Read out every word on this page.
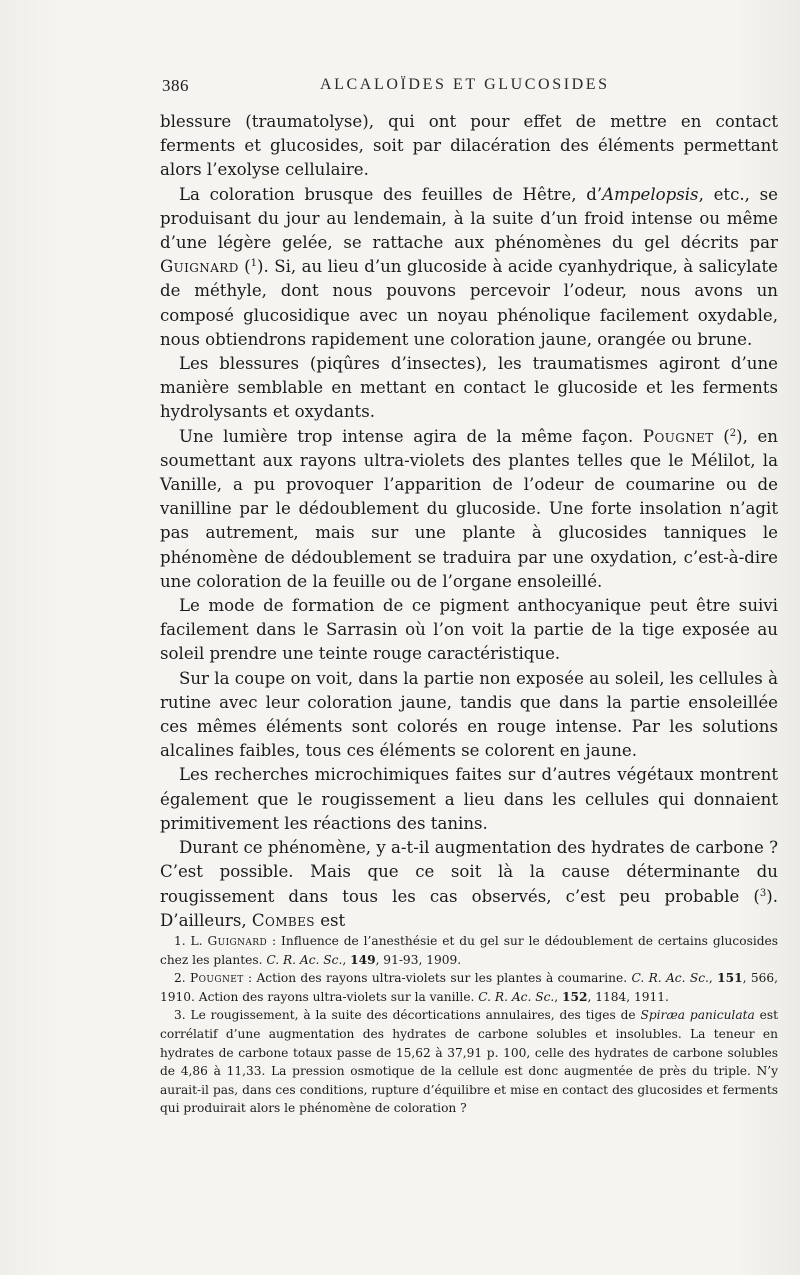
386	ALCALOÏDES ET GLUCOSIDES

blessure (traumatolyse), qui ont pour effet de mettre en contact ferments et glucosides, soit par dilacération des éléments permettant alors l’exolyse cellulaire.

La coloration brusque des feuilles de Hêtre, d’Ampelopsis, etc., se produisant du jour au lendemain, à la suite d’un froid intense ou même d’une légère gelée, se rattache aux phénomènes du gel décrits par Guignard ($^1$). Si, au lieu d’un glucoside à acide cyanhydrique, à salicylate de méthyle, dont nous pouvons percevoir l’odeur, nous avons un composé glucosidique avec un noyau phénolique facilement oxydable, nous obtiendrons rapidement une coloration jaune, orangée ou brune.

Les blessures (piqûres d’insectes), les traumatismes agiront d’une manière semblable en mettant en contact le glucoside et les ferments hydrolysants et oxydants.

Une lumière trop intense agira de la même façon. Pougnet ($^2$), en soumettant aux rayons ultra-violets des plantes telles que le Mélilot, la Vanille, a pu provoquer l’apparition de l’odeur de coumarine ou de vanilline par le dédoublement du glucoside. Une forte insolation n’agit pas autrement, mais sur une plante à glucosides tanniques le phénomène de dédoublement se traduira par une oxydation, c’est-à-dire une coloration de la feuille ou de l’organe ensoleillé.

Le mode de formation de ce pigment anthocyanique peut être suivi facilement dans le Sarrasin où l’on voit la partie de la tige exposée au soleil prendre une teinte rouge caractéristique.

Sur la coupe on voit, dans la partie non exposée au soleil, les cellules à rutine avec leur coloration jaune, tandis que dans la partie ensoleillée ces mêmes éléments sont colorés en rouge intense. Par les solutions alcalines faibles, tous ces éléments se colorent en jaune.

Les recherches microchimiques faites sur d’autres végétaux montrent également que le rougissement a lieu dans les cellules qui donnaient primitivement les réactions des tanins.

Durant ce phénomène, y a-t-il augmentation des hydrates de carbone ? C’est possible. Mais que ce soit là la cause déterminante du rougissement dans tous les cas observés, c’est peu probable ($^3$). D’ailleurs, Combes est

1. L. Guignard : Influence de l’anesthésie et du gel sur le dédoublement de certains glucosides chez les plantes. C. R. Ac. Sc., 149, 91-93, 1909.

2. Pougnet : Action des rayons ultra-violets sur les plantes à coumarine. C. R. Ac. Sc., 151, 566, 1910. Action des rayons ultra-violets sur la vanille. C. R. Ac. Sc., 152, 1184, 1911.

3. Le rougissement, à la suite des décortications annulaires, des tiges de Spiræa paniculata est corrélatif d’une augmentation des hydrates de carbone solubles et insolubles. La teneur en hydrates de carbone totaux passe de 15,62 à 37,91 p. 100, celle des hydrates de carbone solubles de 4,86 à 11,33. La pression osmotique de la cellule est donc augmentée de près du triple. N’y aurait-il pas, dans ces conditions, rupture d’équilibre et mise en contact des glucosides et ferments qui produirait alors le phénomène de coloration ?
